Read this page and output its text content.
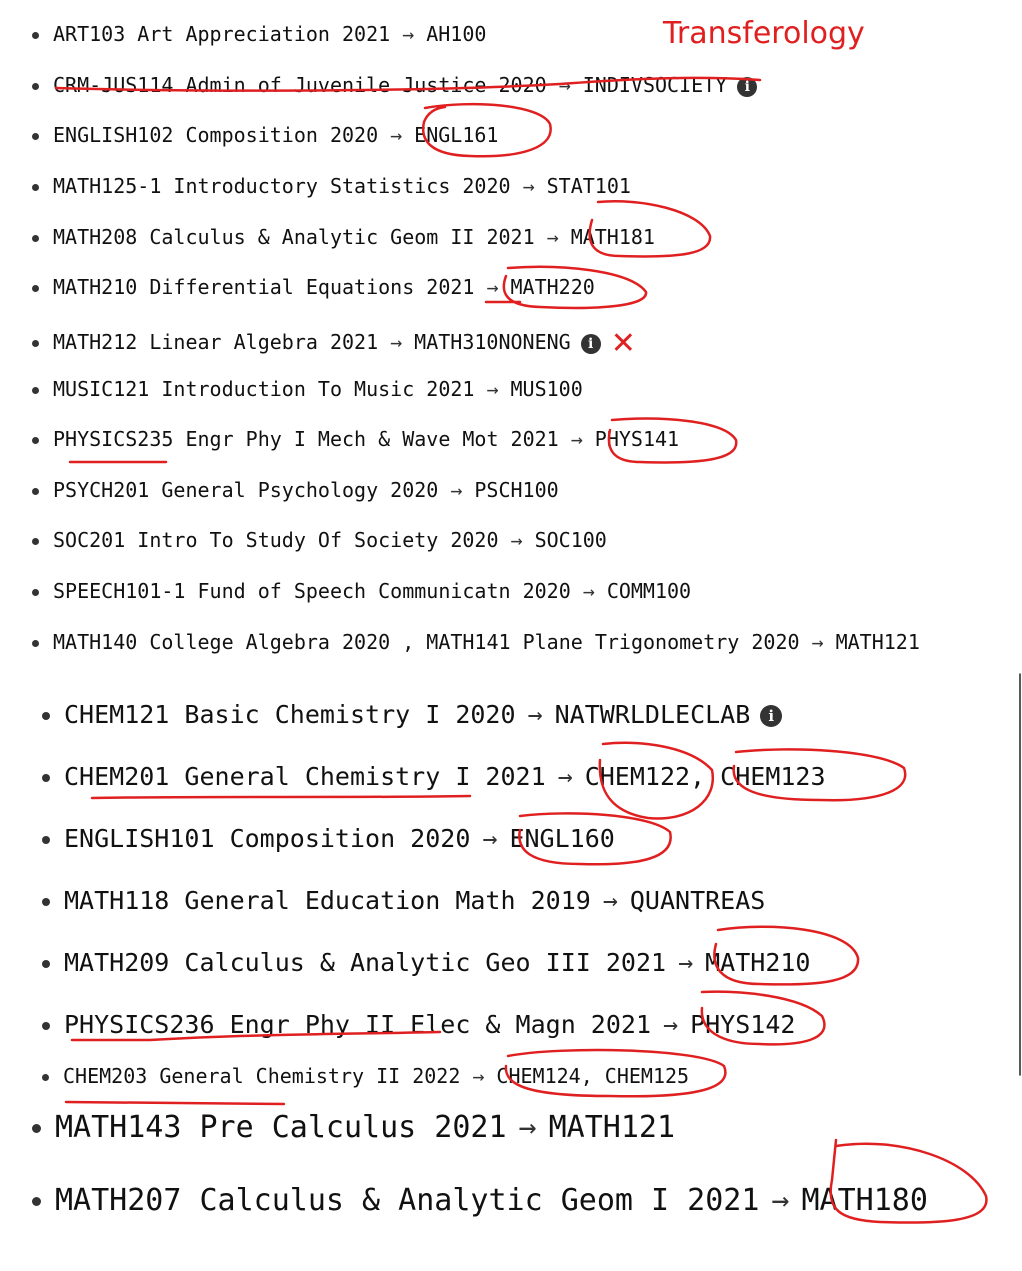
Transferology
ART103 Art Appreciation 2021 → AH100
CRM-JUS114 Admin of Juvenile Justice 2020 → INDIVSOCIETY i
ENGLISH102 Composition 2020 → ENGL161
MATH125-1 Introductory Statistics 2020 → STAT101
MATH208 Calculus & Analytic Geom II 2021 → MATH181
MATH210 Differential Equations 2021 → MATH220
MATH212 Linear Algebra 2021 → MATH310NONENG i ✕
MUSIC121 Introduction To Music 2021 → MUS100
PHYSICS235 Engr Phy I Mech & Wave Mot 2021 → PHYS141
PSYCH201 General Psychology 2020 → PSCH100
SOC201 Intro To Study Of Society 2020 → SOC100
SPEECH101-1 Fund of Speech Communicatn 2020 → COMM100
MATH140 College Algebra 2020 , MATH141 Plane Trigonometry 2020 → MATH121
CHEM121 Basic Chemistry I 2020 → NATWRLDLECLAB i
CHEM201 General Chemistry I 2021 → CHEM122, CHEM123
ENGLISH101 Composition 2020 → ENGL160
MATH118 General Education Math 2019 → QUANTREAS
MATH209 Calculus & Analytic Geo III 2021 → MATH210
PHYSICS236 Engr Phy II Elec & Magn 2021 → PHYS142
CHEM203 General Chemistry II 2022 → CHEM124, CHEM125
MATH143 Pre Calculus 2021 → MATH121
MATH207 Calculus & Analytic Geom I 2021 → MATH180
